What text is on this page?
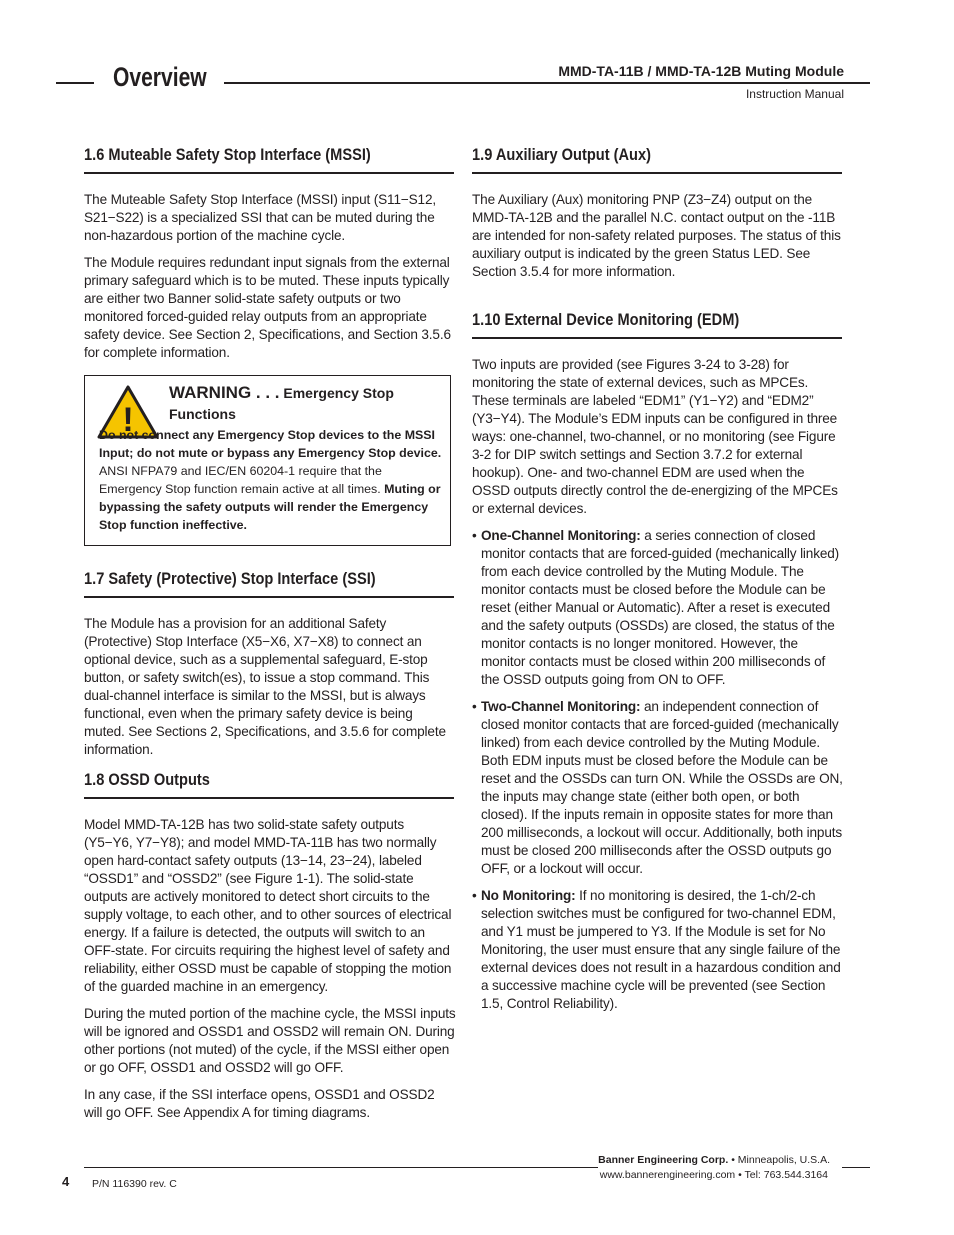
Overview	MMD-TA-11B / MMD-TA-12B Muting Module
Instruction Manual
1.6 Muteable Safety Stop Interface (MSSI)

The Muteable Safety Stop Interface (MSSI) input (S11−S12, S21−S22) is a specialized SSI that can be muted during the non-hazardous portion of the machine cycle.

The Module requires redundant input signals from the external primary safeguard which is to be muted. These inputs typically are either two Banner solid-state safety outputs or two monitored forced-guided relay outputs from an appropriate safety device. See Section 2, Specifications, and Section 3.5.6 for complete information.

!
WARNING . . . Emergency Stop
Functions
Do not connect any Emergency Stop devices to the MSSI Input; do not mute or bypass any Emergency Stop device. ANSI NFPA79 and IEC/EN 60204-1 require that the Emergency Stop function remain active at all times. Muting or bypassing the safety outputs will render the Emergency Stop function ineffective.
1.7 Safety (Protective) Stop Interface (SSI)

The Module has a provision for an additional Safety (Protective) Stop Interface (X5−X6, X7−X8) to connect an optional device, such as a supplemental safeguard, E-stop button, or safety switch(es), to issue a stop command. This dual-channel interface is similar to the MSSI, but is always functional, even when the primary safety device is being muted. See Sections 2, Specifications, and 3.5.6 for complete information.

1.8 OSSD Outputs

Model MMD-TA-12B has two solid-state safety outputs (Y5−Y6, Y7−Y8); and model MMD-TA-11B has two normally open hard-contact safety outputs (13−14, 23−24), labeled “OSSD1” and “OSSD2” (see Figure 1-1). The solid-state outputs are actively monitored to detect short circuits to the supply voltage, to each other, and to other sources of electrical energy. If a failure is detected, the outputs will switch to an OFF-state. For circuits requiring the highest level of safety and reliability, either OSSD must be capable of stopping the motion of the guarded machine in an emergency.

During the muted portion of the machine cycle, the MSSI inputs will be ignored and OSSD1 and OSSD2 will remain ON. During other portions (not muted) of the cycle, if the MSSI either open or go OFF, OSSD1 and OSSD2 will go OFF.

In any case, if the SSI interface opens, OSSD1 and OSSD2 will go OFF. See Appendix A for timing diagrams.

1.9 Auxiliary Output (Aux)

The Auxiliary (Aux) monitoring PNP (Z3−Z4) output on the MMD-TA-12B and the parallel N.C. contact output on the -11B are intended for non-safety related purposes. The status of this auxiliary output is indicated by the green Status LED. See Section 3.5.4 for more information.

1.10 External Device Monitoring (EDM)

Two inputs are provided (see Figures 3-24 to 3-28) for monitoring the state of external devices, such as MPCEs. These terminals are labeled “EDM1” (Y1−Y2) and “EDM2” (Y3−Y4). The Module’s EDM inputs can be configured in three ways: one-channel, two-channel, or no monitoring (see Figure 3-2 for DIP switch settings and Section 3.7.2 for external hookup). One- and two-channel EDM are used when the OSSD outputs directly control the de-energizing of the MPCEs or external devices.

• One-Channel Monitoring: a series connection of closed monitor contacts that are forced-guided (mechanically linked) from each device controlled by the Muting Module. The monitor contacts must be closed before the Module can be reset (either Manual or Automatic). After a reset is executed and the safety outputs (OSSDs) are closed, the status of the monitor contacts is no longer monitored. However, the monitor contacts must be closed within 200 milliseconds of the OSSD outputs going from ON to OFF.

• Two-Channel Monitoring: an independent connection of closed monitor contacts that are forced-guided (mechanically linked) from each device controlled by the Muting Module. Both EDM inputs must be closed before the Module can be reset and the OSSDs can turn ON. While the OSSDs are ON, the inputs may change state (either both open, or both closed). If the inputs remain in opposite states for more than 200 milliseconds, a lockout will occur. Additionally, both inputs must be closed 200 milliseconds after the OSSD outputs go OFF, or a lockout will occur.

• No Monitoring: If no monitoring is desired, the 1-ch/2-ch selection switches must be configured for two-channel EDM, and Y1 must be jumpered to Y3. If the Module is set for No Monitoring, the user must ensure that any single failure of the external devices does not result in a hazardous condition and a successive machine cycle will be prevented (see Section 1.5, Control Reliability).

4 P/N 116390 rev. C
Banner Engineering Corp. • Minneapolis, U.S.A.
www.bannerengineering.com • Tel: 763.544.3164
